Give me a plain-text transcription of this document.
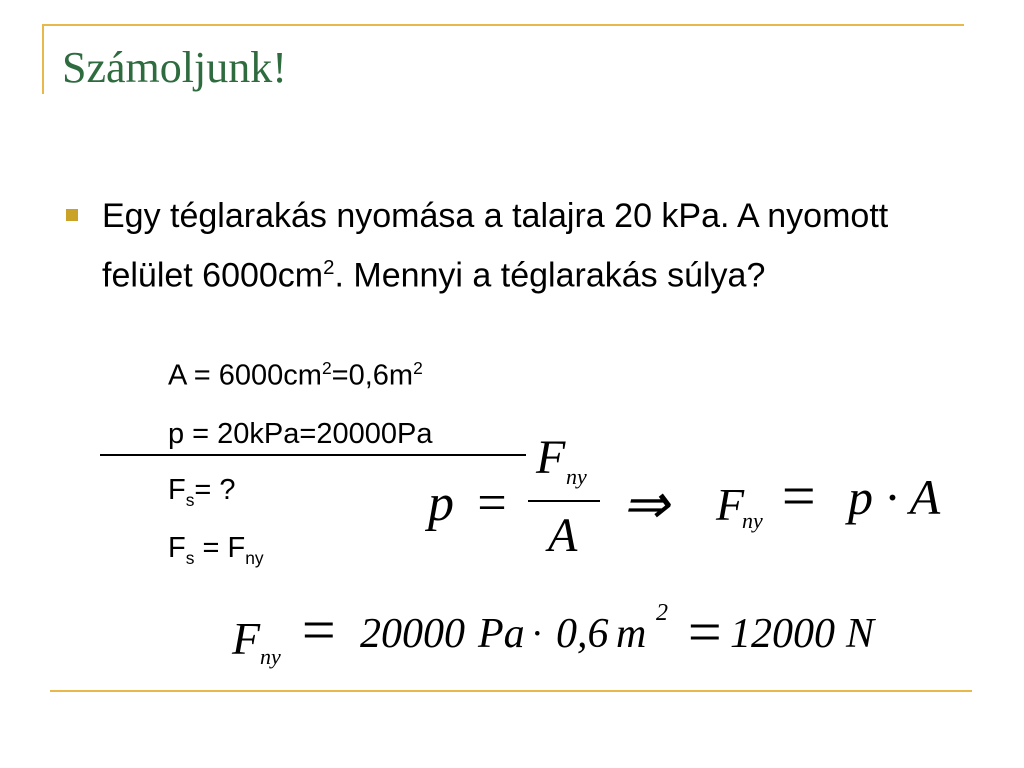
Számoljunk!

Egy téglarakás nyomása a talajra 20 kPa. A nyomott felület $6000cm^2$. Mennyi a téglarakás súlya?

$A = 6000cm^2=0,6m^2$
p = 20kPa=20000Pa
$F_s=$ ?
$F_s = F_{ny}$
p =
F ny
A ⇒ F
ny = p · A
F ny = 20000 Pa · 0,6 m 2 = 12000 N
